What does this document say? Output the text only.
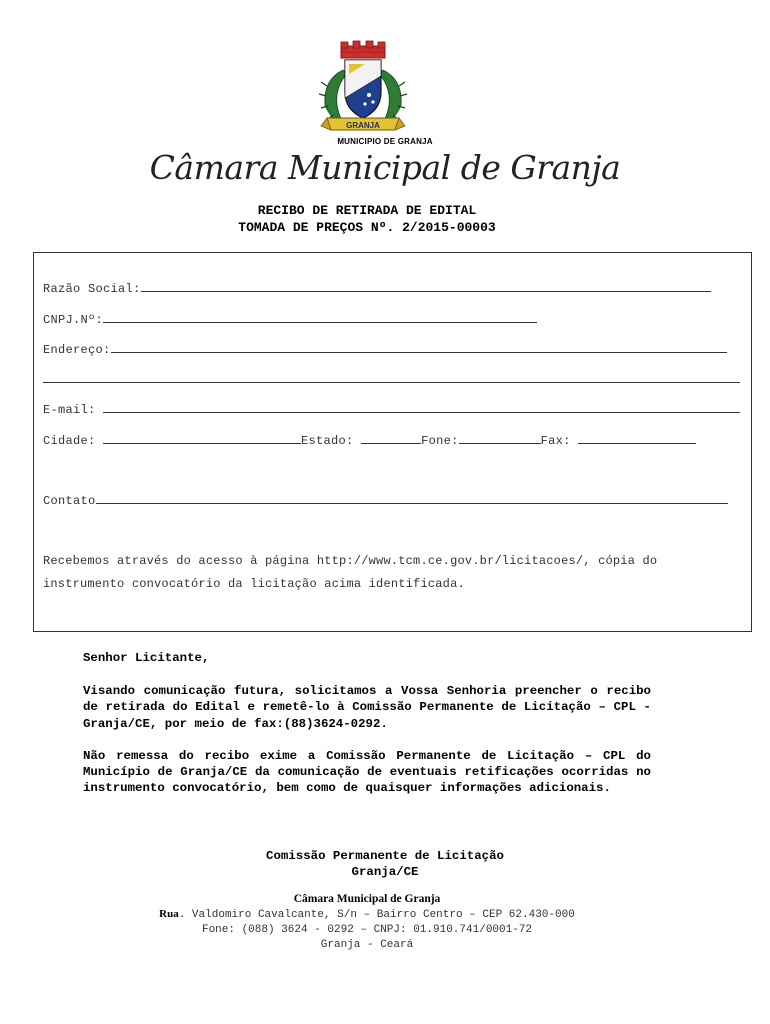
GRANJA
MUNICIPIO DE GRANJA
Câmara Municipal de Granja
RECIBO DE RETIRADA DE EDITAL
TOMADA DE PREÇOS Nº. 2/2015-00003
Razão Social:
CNPJ.Nº:
Endereço:
E-mail:
Cidade:	Estado:	Fone:	Fax:
Contato
Recebemos através do acesso à página http://www.tcm.ce.gov.br/licitacoes/, cópia do instrumento convocatório da licitação acima identificada.

Senhor Licitante,

Visando comunicação futura, solicitamos a Vossa Senhoria preencher o recibo de retirada do Edital e remetê-lo à Comissão Permanente de Licitação – CPL - Granja/CE, por meio de fax:(88)3624-0292.

Não remessa do recibo exime a Comissão Permanente de Licitação – CPL do Município de Granja/CE da comunicação de eventuais retificações ocorridas no instrumento convocatório, bem como de quaisquer informações adicionais.

Comissão Permanente de Licitação
Granja/CE
Câmara Municipal de Granja
Rua. Valdomiro Cavalcante, S/n – Bairro Centro – CEP 62.430-000
Fone: (088) 3624 - 0292 – CNPJ: 01.910.741/0001-72
Granja - Ceará
